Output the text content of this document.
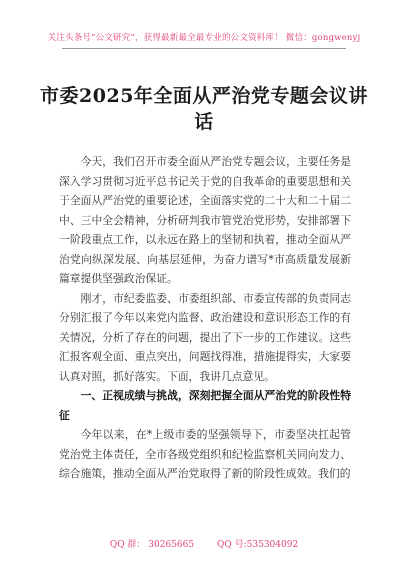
关注头条号“公文研究”，获得最新最全最专业的公文资料库！ 微信：gongwenyj
市委2025年全面从严治党专题会议讲话

今天，我们召开市委全面从严治党专题会议，主要任务是深入学习贯彻习近平总书记关于党的自我革命的重要思想和关于全面从严治党的重要论述，全面落实党的二十大和二十届二中、三中全会精神，分析研判我市管党治党形势，安排部署下一阶段重点工作，以永远在路上的坚韧和执着，推动全面从严治党向纵深发展、向基层延伸，为奋力谱写*市高质量发展新篇章提供坚强政治保证。

刚才，市纪委监委、市委组织部、市委宣传部的负责同志分别汇报了今年以来党内监督、政治建设和意识形态工作的有关情况，分析了存在的问题，提出了下一步的工作建议。这些汇报客观全面、重点突出，问题找得准，措施提得实，大家要认真对照，抓好落实。下面，我讲几点意见。

一、正视成绩与挑战，深刻把握全面从严治党的阶段性特征

今年以来，在*上级市委的坚强领导下，市委坚决扛起管党治党主体责任，全市各级党组织和纪检监察机关同向发力、综合施策，推动全面从严治党取得了新的阶段性成效。我们的

QQ 群： 30265665	QQ 号:535304092
